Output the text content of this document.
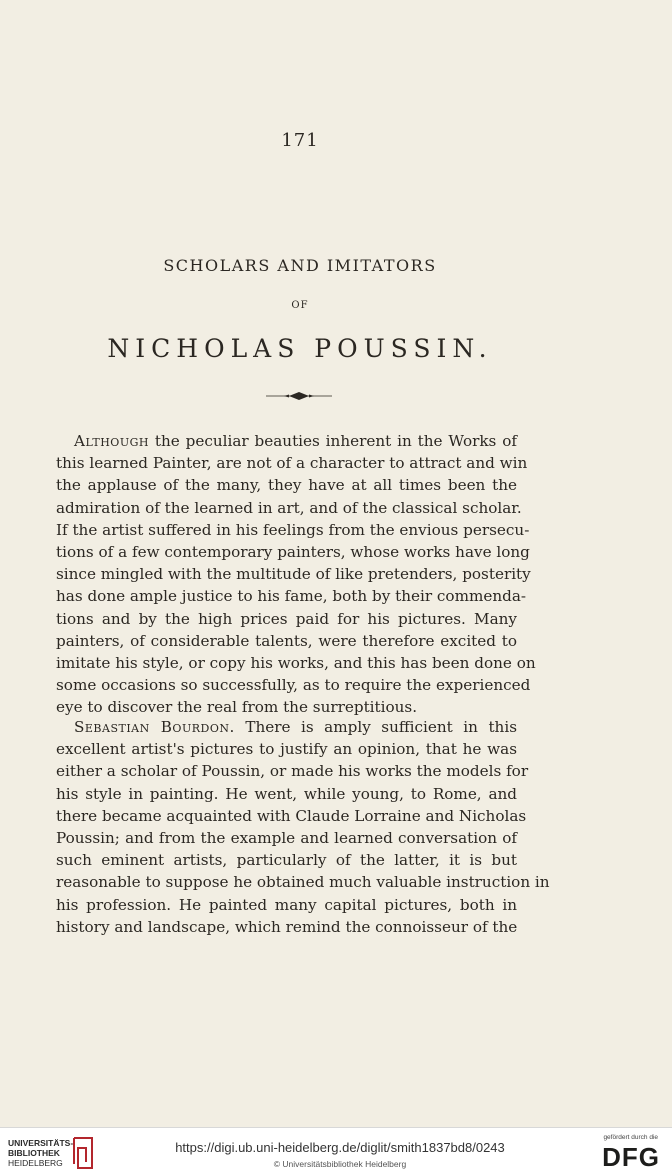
171
SCHOLARS AND IMITATORS
OF
NICHOLAS POUSSIN.
Although the peculiar beauties inherent in the Works of
this learned Painter, are not of a character to attract and win
the applause of the many, they have at all times been the
admiration of the learned in art, and of the classical scholar.
If the artist suffered in his feelings from the envious persecu-
tions of a few contemporary painters, whose works have long
since mingled with the multitude of like pretenders, posterity
has done ample justice to his fame, both by their commenda-
tions and by the high prices paid for his pictures. Many
painters, of considerable talents, were therefore excited to
imitate his style, or copy his works, and this has been done on
some occasions so successfully, as to require the experienced
eye to discover the real from the surreptitious.
Sebastian Bourdon. There is amply sufficient in this
excellent artist's pictures to justify an opinion, that he was
either a scholar of Poussin, or made his works the models for
his style in painting. He went, while young, to Rome, and
there became acquainted with Claude Lorraine and Nicholas
Poussin; and from the example and learned conversation of
such eminent artists, particularly of the latter, it is but
reasonable to suppose he obtained much valuable instruction in
his profession. He painted many capital pictures, both in
history and landscape, which remind the connoisseur of the
UNIVERSITÄTS-
BIBLIOTHEK
HEIDELBERG
https://digi.ub.uni-heidelberg.de/diglit/smith1837bd8/0243
© Universitätsbibliothek Heidelberg
gefördert durch die
DFG
